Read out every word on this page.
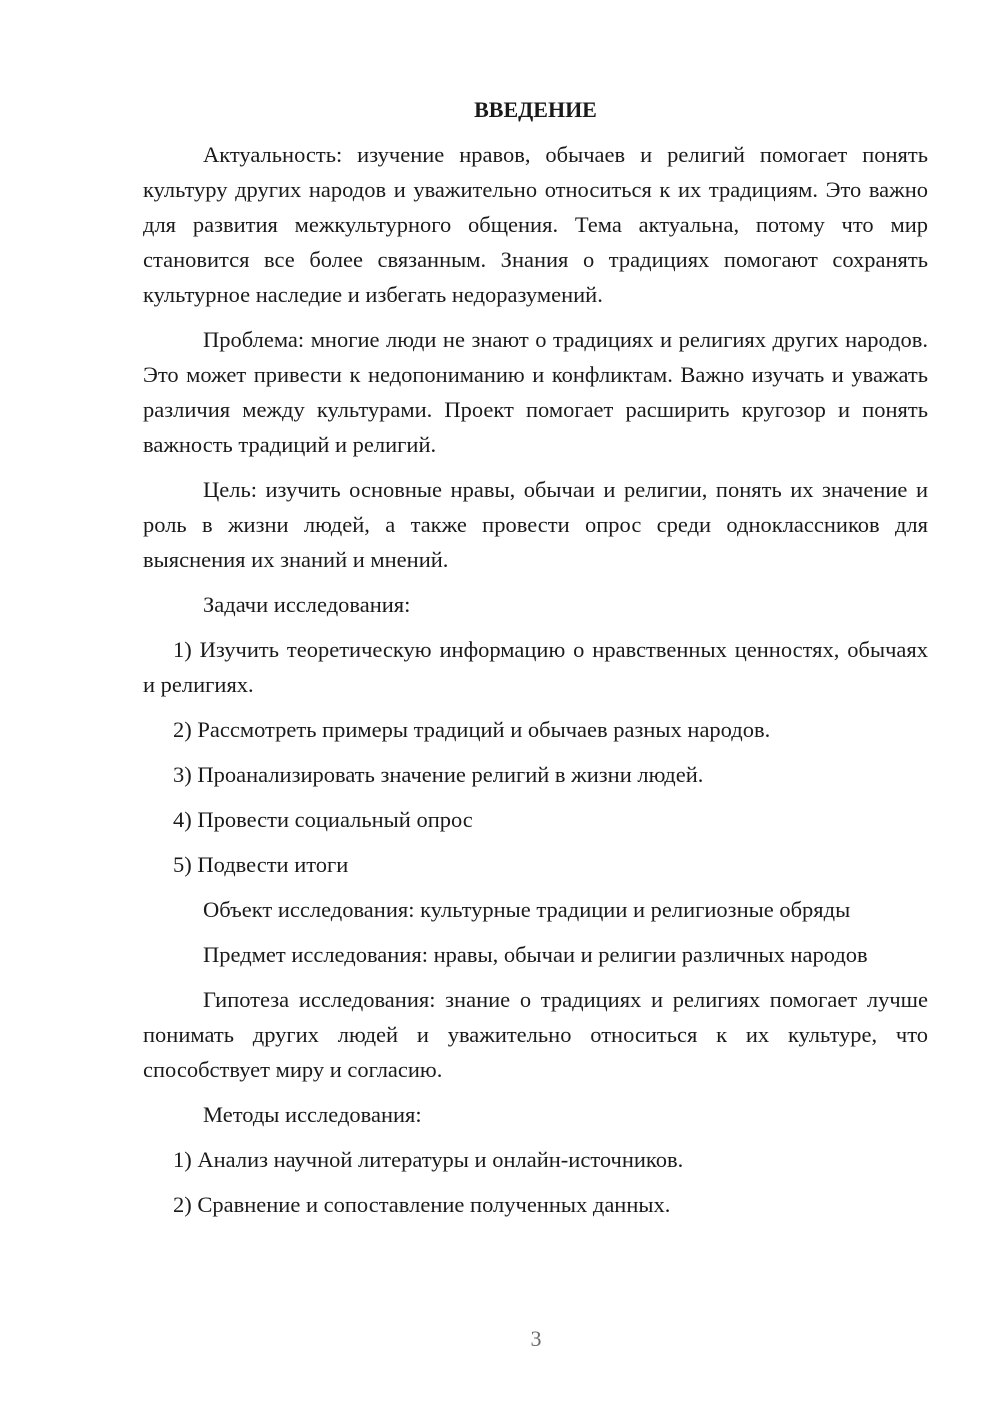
ВВЕДЕНИЕ

Актуальность: изучение нравов, обычаев и религий помогает понять культуру других народов и уважительно относиться к их традициям. Это важно для развития межкультурного общения. Тема актуальна, потому что мир становится все более связанным. Знания о традициях помогают сохранять культурное наследие и избегать недоразумений.

Проблема: многие люди не знают о традициях и религиях других народов. Это может привести к недопониманию и конфликтам. Важно изучать и уважать различия между культурами. Проект помогает расширить кругозор и понять важность традиций и религий.

Цель: изучить основные нравы, обычаи и религии, понять их значение и роль в жизни людей, а также провести опрос среди одноклассников для выяснения их знаний и мнений.

Задачи исследования:

1) Изучить теоретическую информацию о нравственных ценностях, обычаях и религиях.

2) Рассмотреть примеры традиций и обычаев разных народов.

3) Проанализировать значение религий в жизни людей.

4) Провести социальный опрос

5) Подвести итоги

Объект исследования: культурные традиции и религиозные обряды

Предмет исследования: нравы, обычаи и религии различных народов

Гипотеза исследования: знание о традициях и религиях помогает лучше понимать других людей и уважительно относиться к их культуре, что способствует миру и согласию.

Методы исследования:

1) Анализ научной литературы и онлайн-источников.

2) Сравнение и сопоставление полученных данных.

3
